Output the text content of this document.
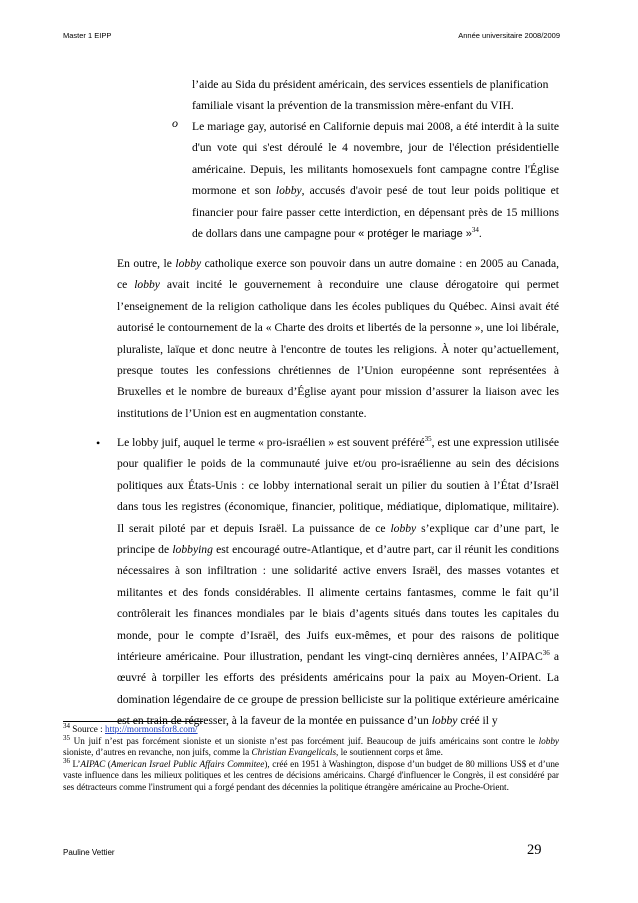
Master 1 EIPP	Année universitaire 2008/2009
l’aide au Sida du président américain, des services essentiels de planification
familiale visant la prévention de la transmission mère-enfant du VIH.
o Le mariage gay, autorisé en Californie depuis mai 2008, a été interdit à la suite d'un vote qui s'est déroulé le 4 novembre, jour de l'élection présidentielle américaine. Depuis, les militants homosexuels font campagne contre l'Église mormone et son lobby, accusés d'avoir pesé de tout leur poids politique et financier pour faire passer cette interdiction, en dépensant près de 15 millions de dollars dans une campagne pour « protéger le mariage »$^{34}$.
En outre, le lobby catholique exerce son pouvoir dans un autre domaine : en 2005 au Canada, ce lobby avait incité le gouvernement à reconduire une clause dérogatoire qui permet l’enseignement de la religion catholique dans les écoles publiques du Québec. Ainsi avait été autorisé le contournement de la « Charte des droits et libertés de la personne », une loi libérale, pluraliste, laïque et donc neutre à l'encontre de toutes les religions. À noter qu’actuellement, presque toutes les confessions chrétiennes de l’Union européenne sont représentées à Bruxelles et le nombre de bureaux d’Église ayant pour mission d’assurer la liaison avec les institutions de l’Union est en augmentation constante.
• Le lobby juif, auquel le terme « pro-israélien » est souvent préféré$^{35}$, est une expression utilisée pour qualifier le poids de la communauté juive et/ou pro-israélienne au sein des décisions politiques aux États-Unis : ce lobby international serait un pilier du soutien à l’État d’Israël dans tous les registres (économique, financier, politique, médiatique, diplomatique, militaire). Il serait piloté par et depuis Israël. La puissance de ce lobby s’explique car d’une part, le principe de lobbying est encouragé outre-Atlantique, et d’autre part, car il réunit les conditions nécessaires à son infiltration : une solidarité active envers Israël, des masses votantes et militantes et des fonds considérables. Il alimente certains fantasmes, comme le fait qu’il contrôlerait les finances mondiales par le biais d’agents situés dans toutes les capitales du monde, pour le compte d’Israël, des Juifs eux-mêmes, et pour des raisons de politique intérieure américaine. Pour illustration, pendant les vingt-cinq dernières années, l’AIPAC$^{36}$ a œuvré à torpiller les efforts des présidents américains pour la paix au Moyen-Orient. La domination légendaire de ce groupe de pression belliciste sur la politique extérieure américaine est en train de régresser, à la faveur de la montée en puissance d’un lobby créé il y

$^{34}$ Source : http://mormonsfor8.com/

$^{35}$ Un juif n’est pas forcément sioniste et un sioniste n’est pas forcément juif. Beaucoup de juifs américains sont contre le lobby sioniste, d’autres en revanche, non juifs, comme la Christian Evangelicals, le soutiennent corps et âme.

$^{36}$ L’AIPAC (American Israel Public Affairs Commitee), créé en 1951 à Washington, dispose d’un budget de 80 millions US$ et d’une vaste influence dans les milieux politiques et les centres de décisions américains. Chargé d'influencer le Congrès, il est considéré par ses détracteurs comme l'instrument qui a forgé pendant des décennies la politique étrangère américaine au Proche-Orient.

Pauline Vettier	29
